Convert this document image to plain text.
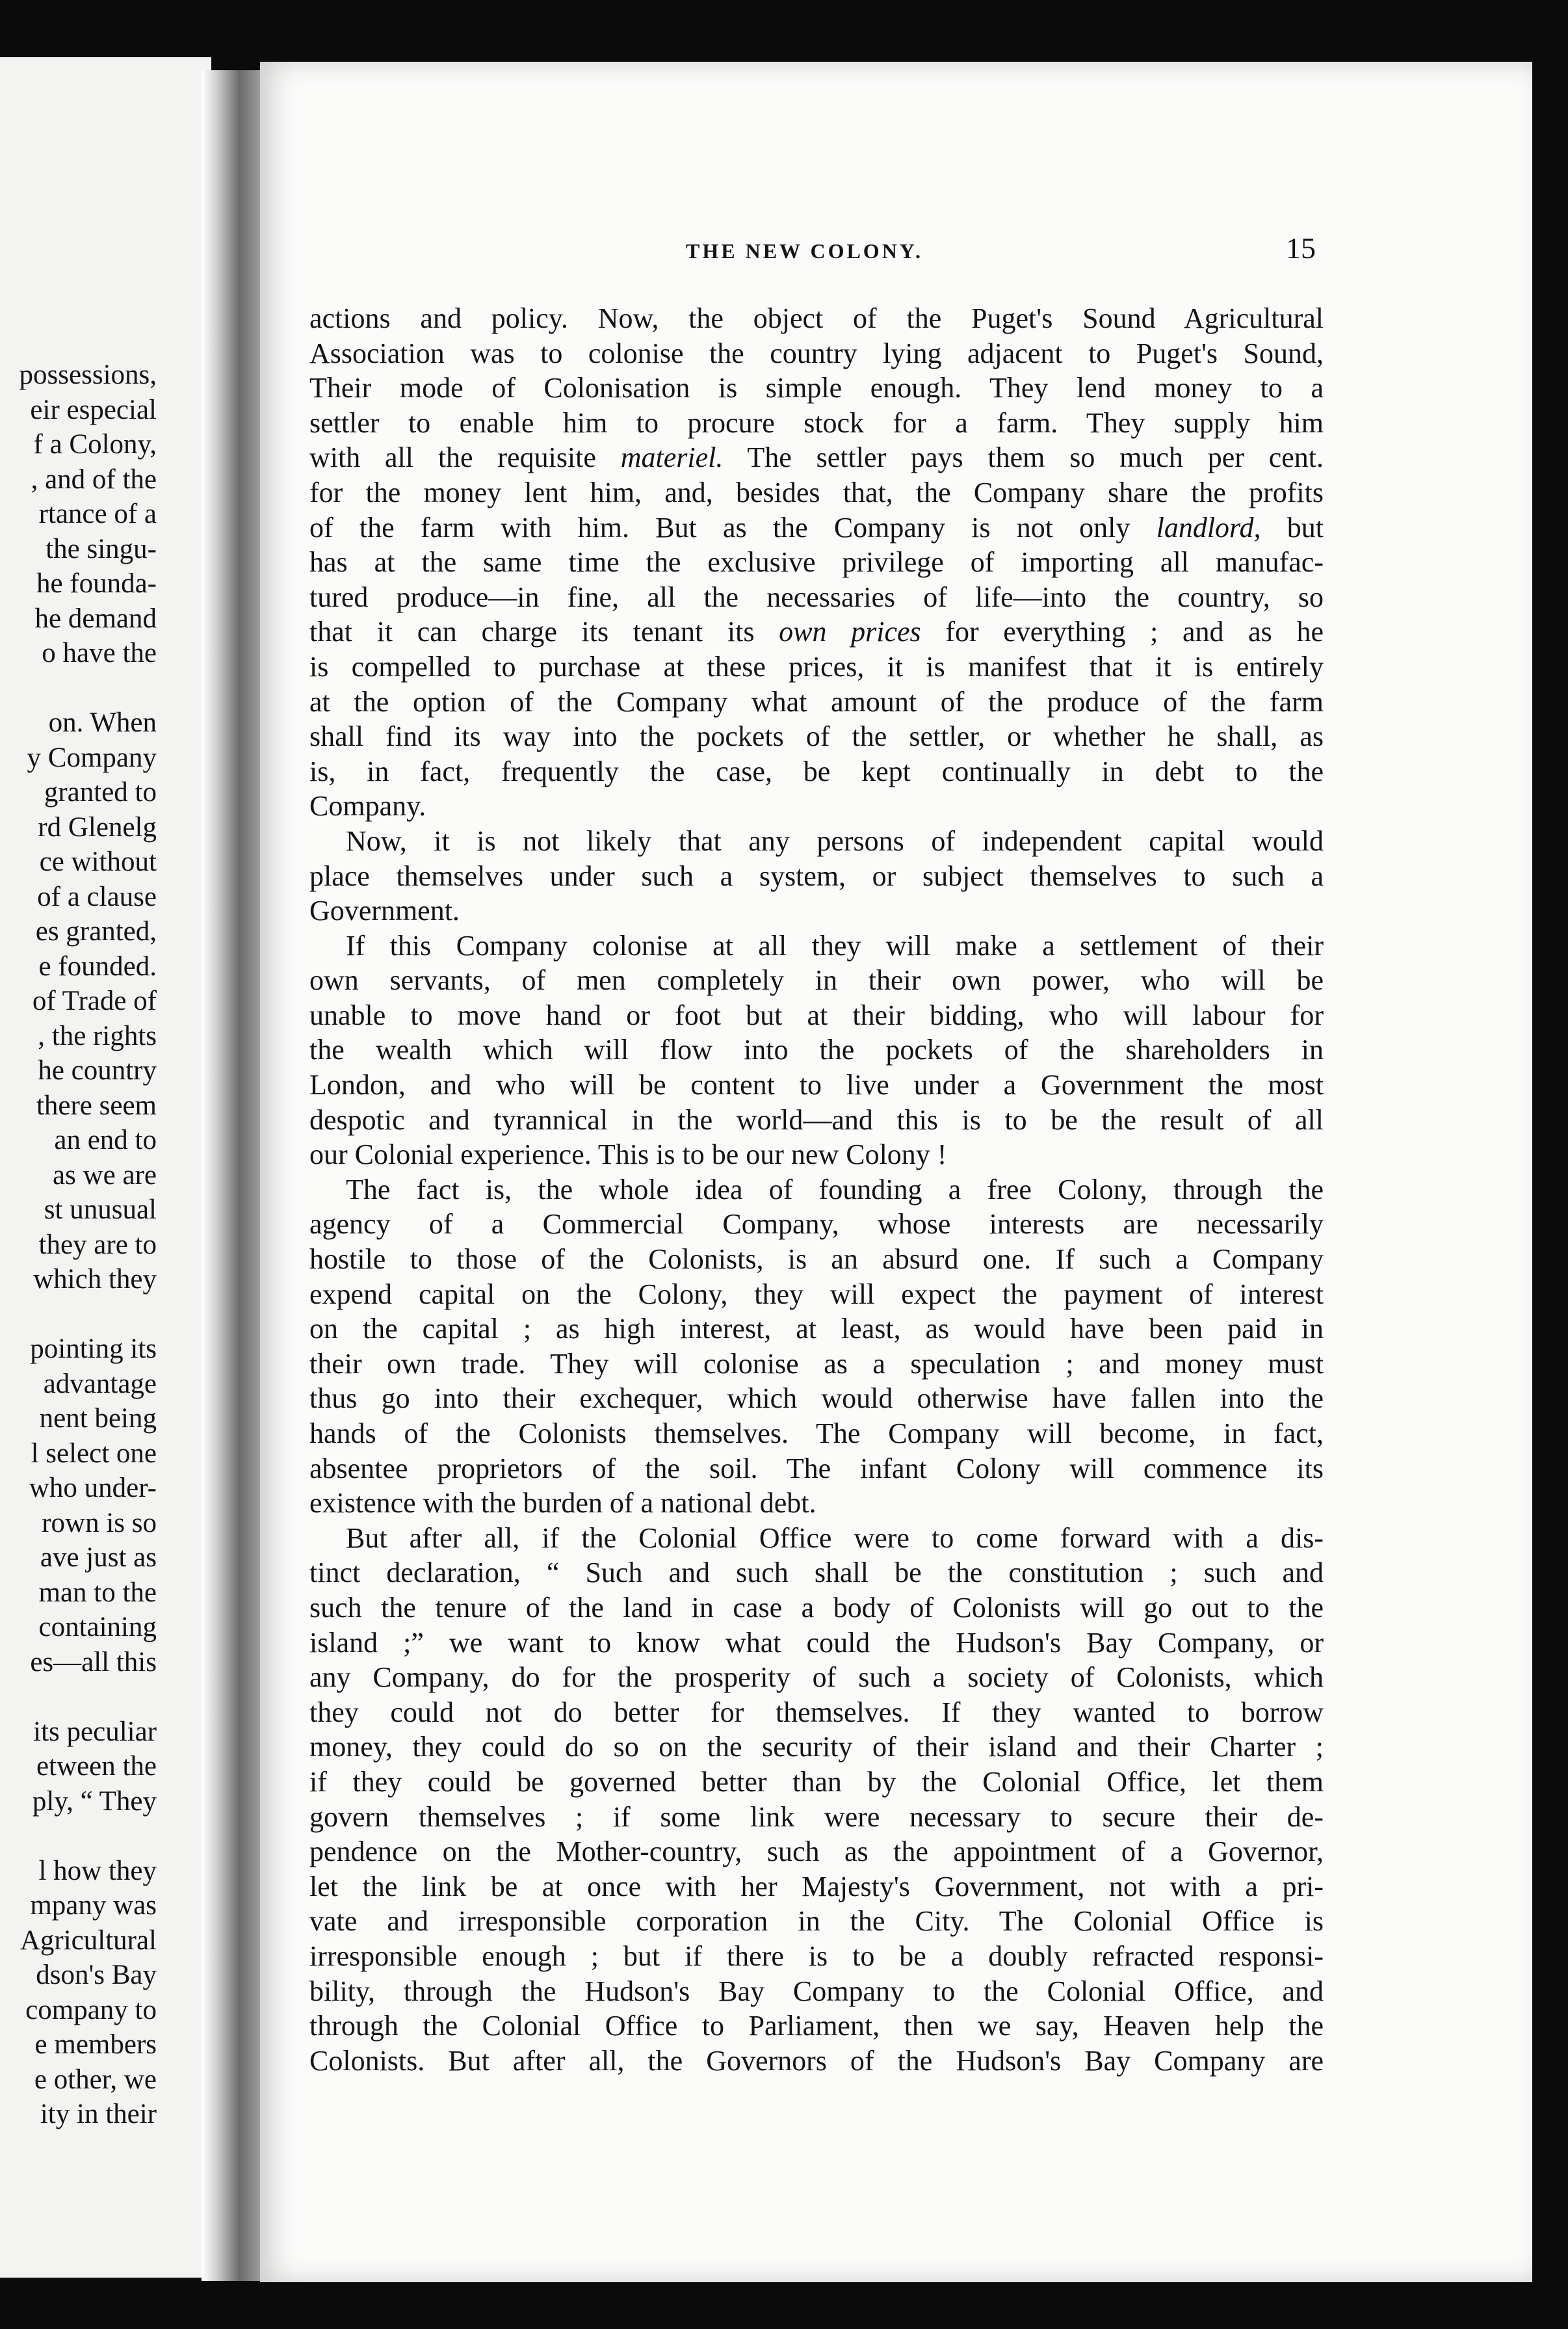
possessions,
eir especial
f a Colony,
, and of the
rtance of a
the singu-
he founda-
he demand
o have the
on. When
y Company
granted to
rd Glenelg
ce without
of a clause
es granted,
e founded.
of Trade of
, the rights
he country
there seem
an end to
as we are
st unusual
they are to
which they
pointing its
advantage
nent being
l select one
who under-
rown is so
ave just as
man to the
containing
es—all this
its peculiar
etween the
ply, “ They
l how they
mpany was
Agricultural
dson's Bay
company to
e members
e other, we
ity in their
THE NEW COLONY.	15
actions and policy. Now, the object of the Puget's Sound Agricultural
Association was to colonise the country lying adjacent to Puget's Sound,
Their mode of Colonisation is simple enough. They lend money to a
settler to enable him to procure stock for a farm. They supply him
with all the requisite materiel. The settler pays them so much per cent.
for the money lent him, and, besides that, the Company share the profits
of the farm with him. But as the Company is not only landlord, but
has at the same time the exclusive privilege of importing all manufac-
tured produce—in fine, all the necessaries of life—into the country, so
that it can charge its tenant its own prices for everything ; and as he
is compelled to purchase at these prices, it is manifest that it is entirely
at the option of the Company what amount of the produce of the farm
shall find its way into the pockets of the settler, or whether he shall, as
is, in fact, frequently the case, be kept continually in debt to the
Company.
Now, it is not likely that any persons of independent capital would
place themselves under such a system, or subject themselves to such a
Government.
If this Company colonise at all they will make a settlement of their
own servants, of men completely in their own power, who will be
unable to move hand or foot but at their bidding, who will labour for
the wealth which will flow into the pockets of the shareholders in
London, and who will be content to live under a Government the most
despotic and tyrannical in the world—and this is to be the result of all
our Colonial experience. This is to be our new Colony !
The fact is, the whole idea of founding a free Colony, through the
agency of a Commercial Company, whose interests are necessarily
hostile to those of the Colonists, is an absurd one. If such a Company
expend capital on the Colony, they will expect the payment of interest
on the capital ; as high interest, at least, as would have been paid in
their own trade. They will colonise as a speculation ; and money must
thus go into their exchequer, which would otherwise have fallen into the
hands of the Colonists themselves. The Company will become, in fact,
absentee proprietors of the soil. The infant Colony will commence its
existence with the burden of a national debt.
But after all, if the Colonial Office were to come forward with a dis-
tinct declaration, “ Such and such shall be the constitution ; such and
such the tenure of the land in case a body of Colonists will go out to the
island ;” we want to know what could the Hudson's Bay Company, or
any Company, do for the prosperity of such a society of Colonists, which
they could not do better for themselves. If they wanted to borrow
money, they could do so on the security of their island and their Charter ;
if they could be governed better than by the Colonial Office, let them
govern themselves ; if some link were necessary to secure their de-
pendence on the Mother-country, such as the appointment of a Governor,
let the link be at once with her Majesty's Government, not with a pri-
vate and irresponsible corporation in the City. The Colonial Office is
irresponsible enough ; but if there is to be a doubly refracted responsi-
bility, through the Hudson's Bay Company to the Colonial Office, and
through the Colonial Office to Parliament, then we say, Heaven help the
Colonists. But after all, the Governors of the Hudson's Bay Company are
